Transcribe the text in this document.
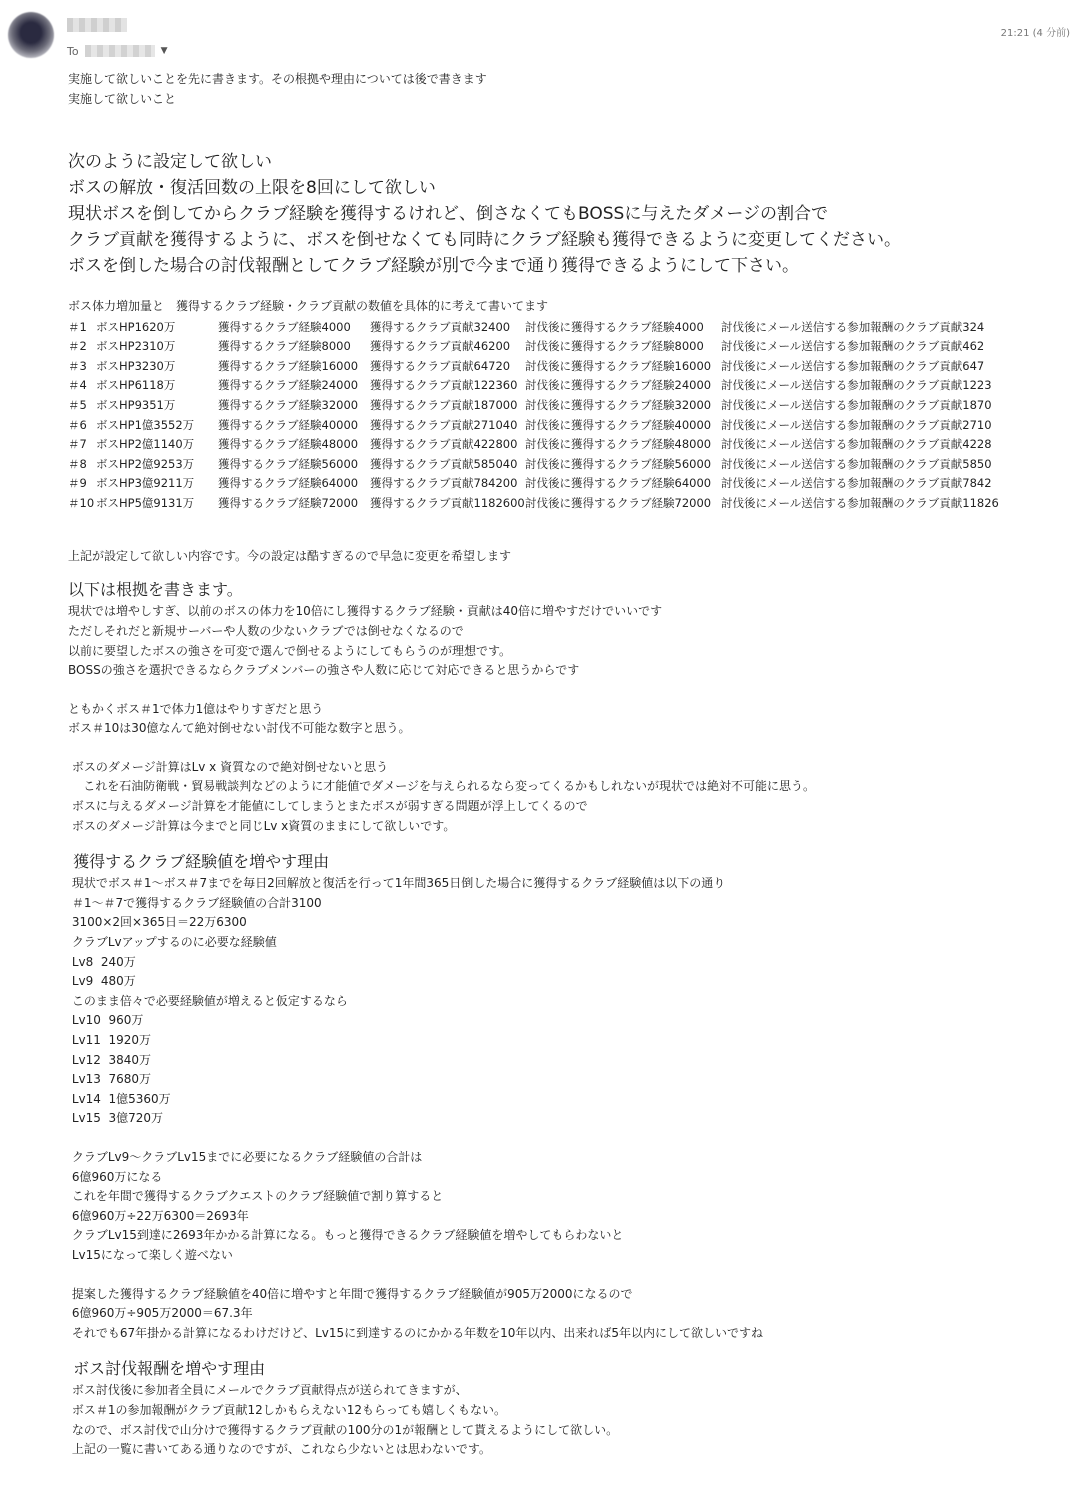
To	▼
21:21 (4 分前)
実施して欲しいことを先に書きます。その根拠や理由については後で書きます
実施して欲しいこと
次のように設定して欲しい
ボスの解放・復活回数の上限を8回にして欲しい
現状ボスを倒してからクラブ経験を獲得するけれど、倒さなくてもBOSSに与えたダメージの割合で
クラブ貢献を獲得するように、ボスを倒せなくても同時にクラブ経験も獲得できるように変更してください。
ボスを倒した場合の討伐報酬としてクラブ経験が別で今まで通り獲得できるようにして下さい。
ボス体力増加量と　獲得するクラブ経験・クラブ貢献の数値を具体的に考えて書いてます
＃1	ボスHP1620万	獲得するクラブ経験4000	獲得するクラブ貢献32400	討伐後に獲得するクラブ経験4000	討伐後にメール送信する参加報酬のクラブ貢献324
＃2	ボスHP2310万	獲得するクラブ経験8000	獲得するクラブ貢献46200	討伐後に獲得するクラブ経験8000	討伐後にメール送信する参加報酬のクラブ貢献462
＃3	ボスHP3230万	獲得するクラブ経験16000	獲得するクラブ貢献64720	討伐後に獲得するクラブ経験16000	討伐後にメール送信する参加報酬のクラブ貢献647
＃4	ボスHP6118万	獲得するクラブ経験24000	獲得するクラブ貢献122360	討伐後に獲得するクラブ経験24000	討伐後にメール送信する参加報酬のクラブ貢献1223
＃5	ボスHP9351万	獲得するクラブ経験32000	獲得するクラブ貢献187000	討伐後に獲得するクラブ経験32000	討伐後にメール送信する参加報酬のクラブ貢献1870
＃6	ボスHP1億3552万	獲得するクラブ経験40000	獲得するクラブ貢献271040	討伐後に獲得するクラブ経験40000	討伐後にメール送信する参加報酬のクラブ貢献2710
＃7	ボスHP2億1140万	獲得するクラブ経験48000	獲得するクラブ貢献422800	討伐後に獲得するクラブ経験48000	討伐後にメール送信する参加報酬のクラブ貢献4228
＃8	ボスHP2億9253万	獲得するクラブ経験56000	獲得するクラブ貢献585040	討伐後に獲得するクラブ経験56000	討伐後にメール送信する参加報酬のクラブ貢献5850
＃9	ボスHP3億9211万	獲得するクラブ経験64000	獲得するクラブ貢献784200	討伐後に獲得するクラブ経験64000	討伐後にメール送信する参加報酬のクラブ貢献7842
＃10	ボスHP5億9131万	獲得するクラブ経験72000	獲得するクラブ貢献1182600	討伐後に獲得するクラブ経験72000	討伐後にメール送信する参加報酬のクラブ貢献11826
上記が設定して欲しい内容です。今の設定は酷すぎるので早急に変更を希望します
以下は根拠を書きます。
現状では増やしすぎ、以前のボスの体力を10倍にし獲得するクラブ経験・貢献は40倍に増やすだけでいいです
ただしそれだと新規サーバーや人数の少ないクラブでは倒せなくなるので
以前に要望したボスの強さを可変で選んで倒せるようにしてもらうのが理想です。
BOSSの強さを選択できるならクラブメンバーの強さや人数に応じて対応できると思うからです
ともかくボス＃1で体力1億はやりすぎだと思う
ボス＃10は30億なんて絶対倒せない討伐不可能な数字と思う。
ボスのダメージ計算はLv x 資質なので絶対倒せないと思う
これを石油防衛戦・貿易戦談判などのように才能値でダメージを与えられるなら変ってくるかもしれないが現状では絶対不可能に思う。
ボスに与えるダメージ計算を才能値にしてしまうとまたボスが弱すぎる問題が浮上してくるので
ボスのダメージ計算は今までと同じLv x資質のままにして欲しいです。
獲得するクラブ経験値を増やす理由
現状でボス＃1～ボス＃7までを毎日2回解放と復活を行って1年間365日倒した場合に獲得するクラブ経験値は以下の通り
＃1～＃7で獲得するクラブ経験値の合計3100
3100×2回×365日＝22万6300
クラブLvアップするのに必要な経験値
Lv8  240万
Lv9  480万
このまま倍々で必要経験値が増えると仮定するなら
Lv10  960万
Lv11  1920万
Lv12  3840万
Lv13  7680万
Lv14  1億5360万
Lv15  3億720万
クラブLv9～クラブLv15までに必要になるクラブ経験値の合計は
6億960万になる
これを年間で獲得するクラブクエストのクラブ経験値で割り算すると
6億960万÷22万6300＝2693年
クラブLv15到達に2693年かかる計算になる。もっと獲得できるクラブ経験値を増やしてもらわないと
Lv15になって楽しく遊べない
提案した獲得するクラブ経験値を40倍に増やすと年間で獲得するクラブ経験値が905万2000になるので
6億960万÷905万2000＝67.3年
それでも67年掛かる計算になるわけだけど、Lv15に到達するのにかかる年数を10年以内、出来れば5年以内にして欲しいですね
ボス討伐報酬を増やす理由
ボス討伐後に参加者全員にメールでクラブ貢献得点が送られてきますが、
ボス＃1の参加報酬がクラブ貢献12しかもらえない12もらっても嬉しくもない。
なので、ボス討伐で山分けで獲得するクラブ貢献の100分の1が報酬として貰えるようにして欲しい。
上記の一覧に書いてある通りなのですが、これなら少ないとは思わないです。
